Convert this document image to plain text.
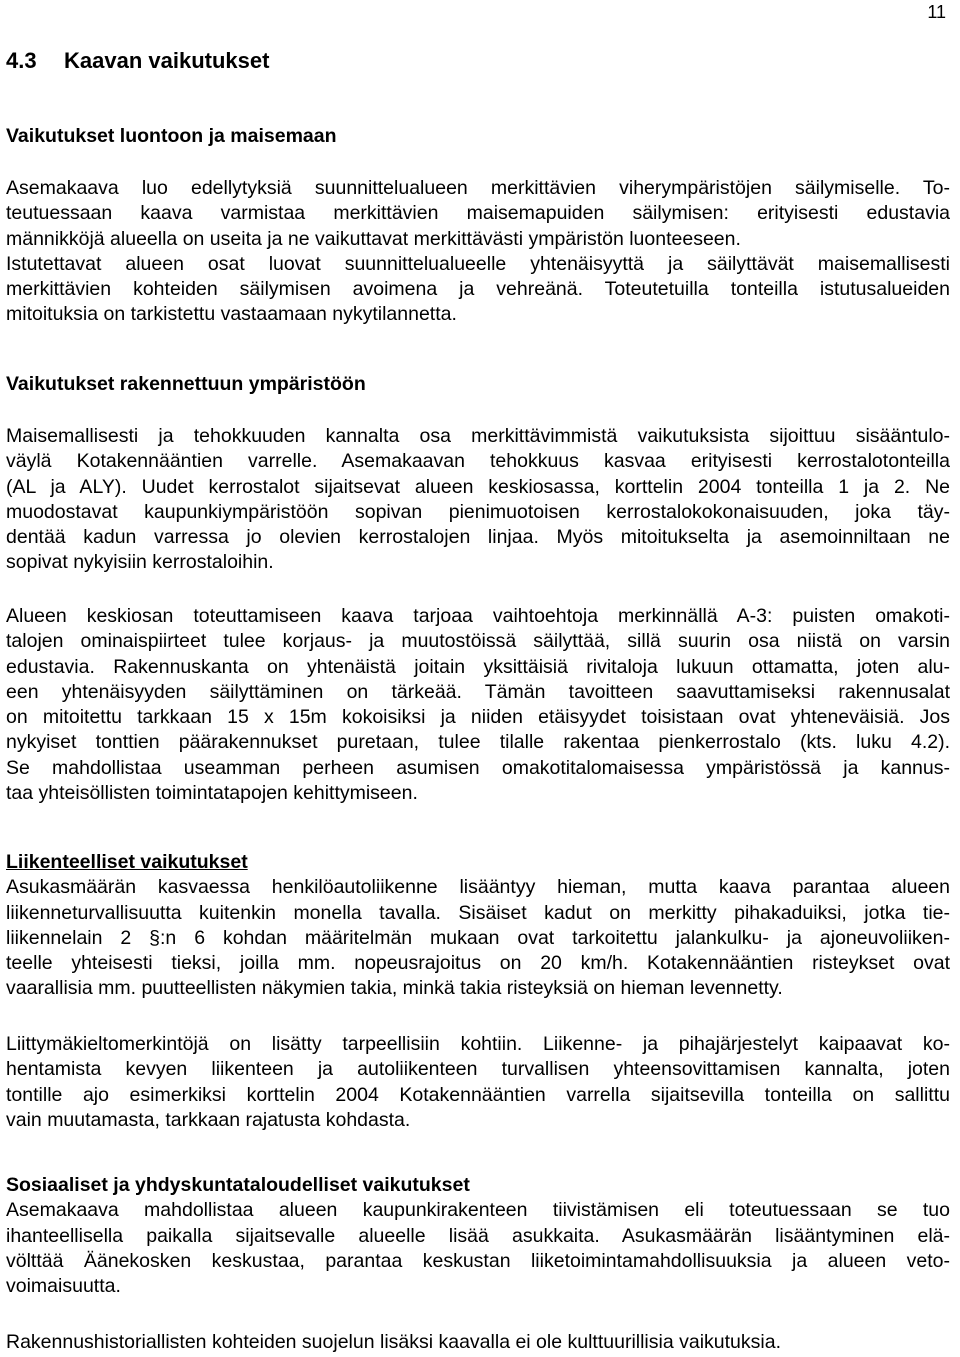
11
4.3 Kaavan vaikutukset
Vaikutukset luontoon ja maisemaan
Asemakaava luo edellytyksiä suunnittelualueen merkittävien viherympäristöjen säilymiselle. To-
teutuessaan kaava varmistaa merkittävien maisemapuiden säilymisen: erityisesti edustavia
männikköjä alueella on useita ja ne vaikuttavat merkittävästi ympäristön luonteeseen.
Istutettavat alueen osat luovat suunnittelualueelle yhtenäisyyttä ja säilyttävät maisemallisesti
merkittävien kohteiden säilymisen avoimena ja vehreänä. Toteutetuilla tonteilla istutusalueiden
mitoituksia on tarkistettu vastaamaan nykytilannetta.
Vaikutukset rakennettuun ympäristöön
Maisemallisesti ja tehokkuuden kannalta osa merkittävimmistä vaikutuksista sijoittuu sisääntulo-
väylä Kotakennääntien varrelle. Asemakaavan tehokkuus kasvaa erityisesti kerrostalotonteilla
(AL ja ALY). Uudet kerrostalot sijaitsevat alueen keskiosassa, korttelin 2004 tonteilla 1 ja 2. Ne
muodostavat kaupunkiympäristöön sopivan pienimuotoisen kerrostalokokonaisuuden, joka täy-
dentää kadun varressa jo olevien kerrostalojen linjaa. Myös mitoitukselta ja asemoinniltaan ne
sopivat nykyisiin kerrostaloihin.
Alueen keskiosan toteuttamiseen kaava tarjoaa vaihtoehtoja merkinnällä A-3: puisten omakoti-
talojen ominaispiirteet tulee korjaus- ja muutostöissä säilyttää, sillä suurin osa niistä on varsin
edustavia. Rakennuskanta on yhtenäistä joitain yksittäisiä rivitaloja lukuun ottamatta, joten alu-
een yhtenäisyyden säilyttäminen on tärkeää. Tämän tavoitteen saavuttamiseksi rakennusalat
on mitoitettu tarkkaan 15 x 15m kokoisiksi ja niiden etäisyydet toisistaan ovat yhteneväisiä. Jos
nykyiset tonttien päärakennukset puretaan, tulee tilalle rakentaa pienkerrostalo (kts. luku 4.2).
Se mahdollistaa useamman perheen asumisen omakotitalomaisessa ympäristössä ja kannus-
taa yhteisöllisten toimintatapojen kehittymiseen.
Liikenteelliset vaikutukset
Asukasmäärän kasvaessa henkilöautoliikenne lisääntyy hieman, mutta kaava parantaa alueen
liikenneturvallisuutta kuitenkin monella tavalla. Sisäiset kadut on merkitty pihakaduiksi, jotka tie-
liikennelain 2 §:n 6 kohdan määritelmän mukaan ovat tarkoitettu jalankulku- ja ajoneuvoliiken-
teelle yhteisesti tieksi, joilla mm. nopeusrajoitus on 20 km/h. Kotakennääntien risteykset ovat
vaarallisia mm. puutteellisten näkymien takia, minkä takia risteyksiä on hieman levennetty.
Liittymäkieltomerkintöjä on lisätty tarpeellisiin kohtiin. Liikenne- ja pihajärjestelyt kaipaavat ko-
hentamista kevyen liikenteen ja autoliikenteen turvallisen yhteensovittamisen kannalta, joten
tontille ajo esimerkiksi korttelin 2004 Kotakennääntien varrella sijaitsevilla tonteilla on sallittu
vain muutamasta, tarkkaan rajatusta kohdasta.
Sosiaaliset ja yhdyskuntataloudelliset vaikutukset
Asemakaava mahdollistaa alueen kaupunkirakenteen tiivistämisen eli toteutuessaan se tuo
ihanteellisella paikalla sijaitsevalle alueelle lisää asukkaita. Asukasmäärän lisääntyminen elä-
völttää Äänekosken keskustaa, parantaa keskustan liiketoimintamahdollisuuksia ja alueen veto-
voimaisuutta.
Rakennushistoriallisten kohteiden suojelun lisäksi kaavalla ei ole kulttuurillisia vaikutuksia.
